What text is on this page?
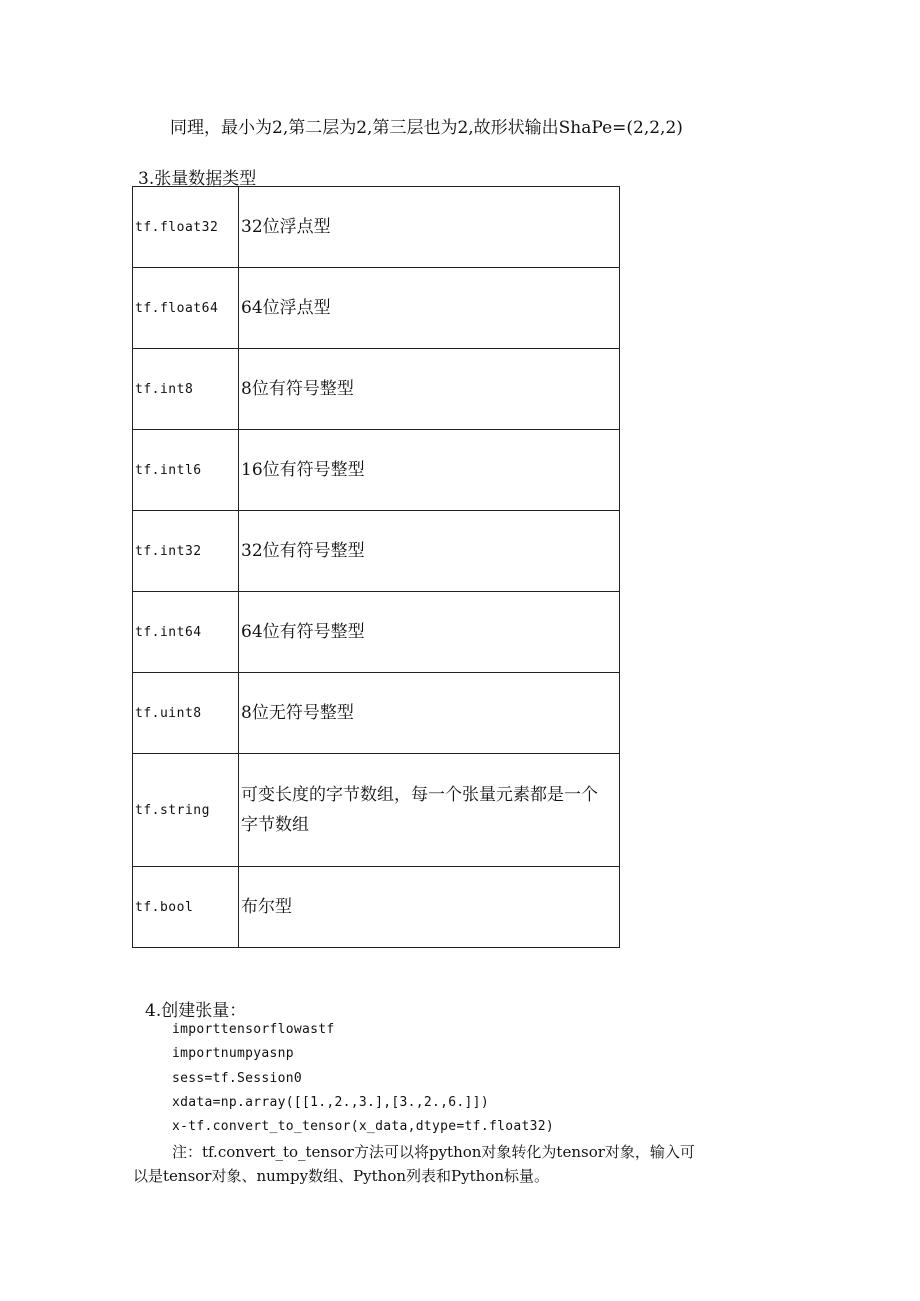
同理，最小为2,第二层为2,第三层也为2,故形状输出ShaPe=(2,2,2)
3.张量数据类型
tf.float32	32位浮点型
tf.float64	64位浮点型
tf.int8	8位有符号整型
tf.intl6	16位有符号整型
tf.int32	32位有符号整型
tf.int64	64位有符号整型
tf.uint8	8位无符号整型
tf.string	可变长度的字节数组，每一个张量元素都是一个字节数组
tf.bool	布尔型
4.创建张量：
importtensorflowastf
importnumpyasnp
sess=tf.Session0
xdata=np.array([[1.,2.,3.],[3.,2.,6.]])
x-tf.convert_to_tensor(x_data,dtype=tf.float32)
注：tf.convert_to_tensor方法可以将python对象转化为tensor对象，输入可
以是tensor对象、numpy数组、Python列表和Python标量。
